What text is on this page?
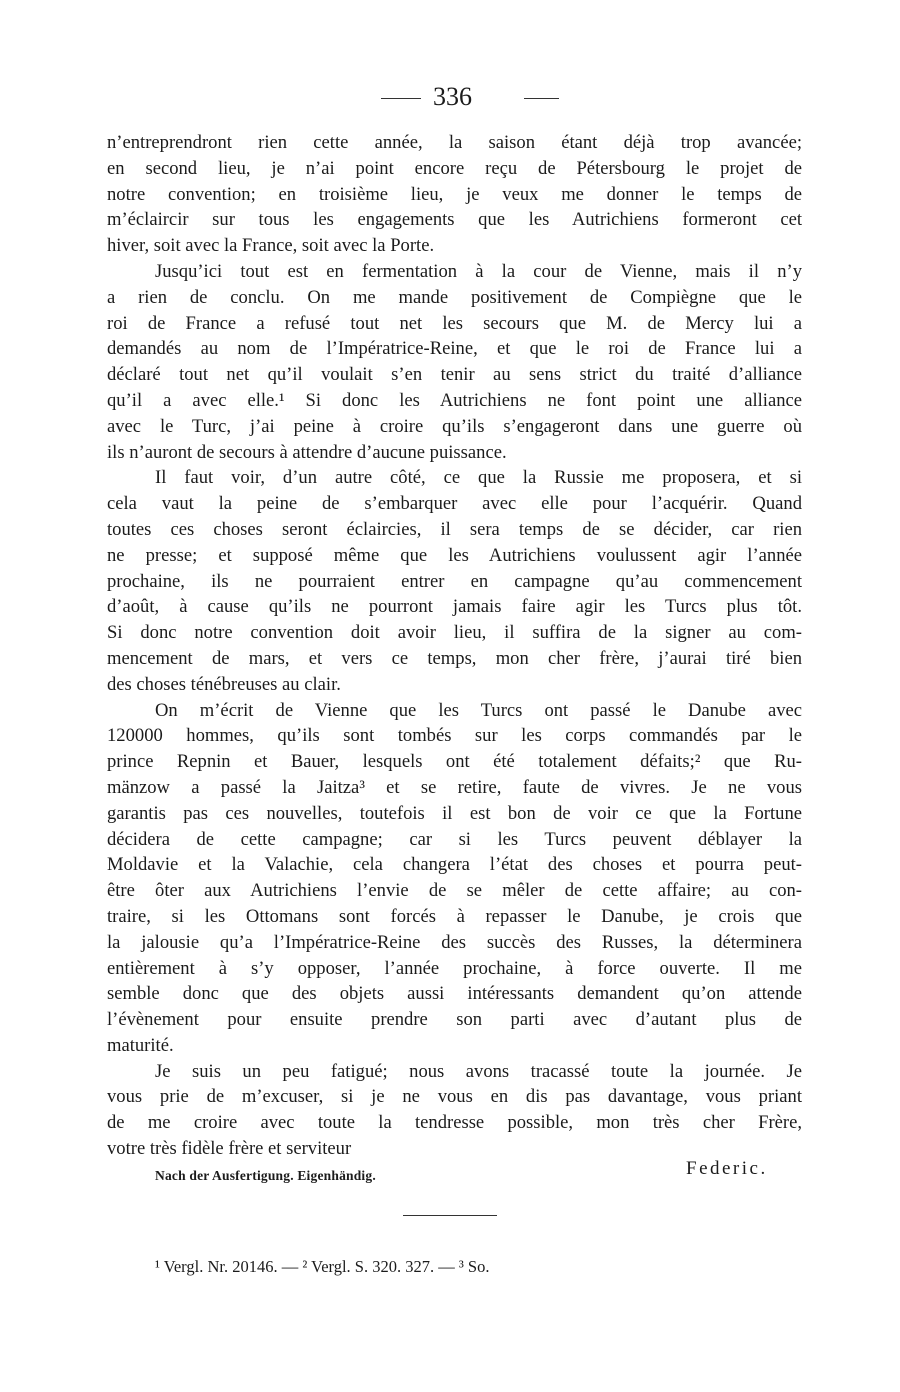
336
n’entreprendront rien cette année, la saison étant déjà trop avancée;
en second lieu, je n’ai point encore reçu de Pétersbourg le projet de
notre convention; en troisième lieu, je veux me donner le temps de
m’éclaircir sur tous les engagements que les Autrichiens formeront cet
hiver, soit avec la France, soit avec la Porte.
Jusqu’ici tout est en fermentation à la cour de Vienne, mais il n’y
a rien de conclu. On me mande positivement de Compiègne que le
roi de France a refusé tout net les secours que M. de Mercy lui a
demandés au nom de l’Impératrice-Reine, et que le roi de France lui a
déclaré tout net qu’il voulait s’en tenir au sens strict du traité d’alliance
qu’il a avec elle.¹ Si donc les Autrichiens ne font point une alliance
avec le Turc, j’ai peine à croire qu’ils s’engageront dans une guerre où
ils n’auront de secours à attendre d’aucune puissance.
Il faut voir, d’un autre côté, ce que la Russie me proposera, et si
cela vaut la peine de s’embarquer avec elle pour l’acquérir. Quand
toutes ces choses seront éclaircies, il sera temps de se décider, car rien
ne presse; et supposé même que les Autrichiens voulussent agir l’année
prochaine, ils ne pourraient entrer en campagne qu’au commencement
d’août, à cause qu’ils ne pourront jamais faire agir les Turcs plus tôt.
Si donc notre convention doit avoir lieu, il suffira de la signer au com-
mencement de mars, et vers ce temps, mon cher frère, j’aurai tiré bien
des choses ténébreuses au clair.
On m’écrit de Vienne que les Turcs ont passé le Danube avec
120000 hommes, qu’ils sont tombés sur les corps commandés par le
prince Repnin et Bauer, lesquels ont été totalement défaits;² que Ru-
mänzow a passé la Jaitza³ et se retire, faute de vivres. Je ne vous
garantis pas ces nouvelles, toutefois il est bon de voir ce que la Fortune
décidera de cette campagne; car si les Turcs peuvent déblayer la
Moldavie et la Valachie, cela changera l’état des choses et pourra peut-
être ôter aux Autrichiens l’envie de se mêler de cette affaire; au con-
traire, si les Ottomans sont forcés à repasser le Danube, je crois que
la jalousie qu’a l’Impératrice-Reine des succès des Russes, la déterminera
entièrement à s’y opposer, l’année prochaine, à force ouverte. Il me
semble donc que des objets aussi intéressants demandent qu’on attende
l’évènement pour ensuite prendre son parti avec d’autant plus de
maturité.
Je suis un peu fatigué; nous avons tracassé toute la journée. Je
vous prie de m’excuser, si je ne vous en dis pas davantage, vous priant
de me croire avec toute la tendresse possible, mon très cher Frère,
votre très fidèle frère et serviteur
Nach der Ausfertigung. Eigenhändig.	Federic.
¹ Vergl. Nr. 20146. — ² Vergl. S. 320. 327. — ³ So.
